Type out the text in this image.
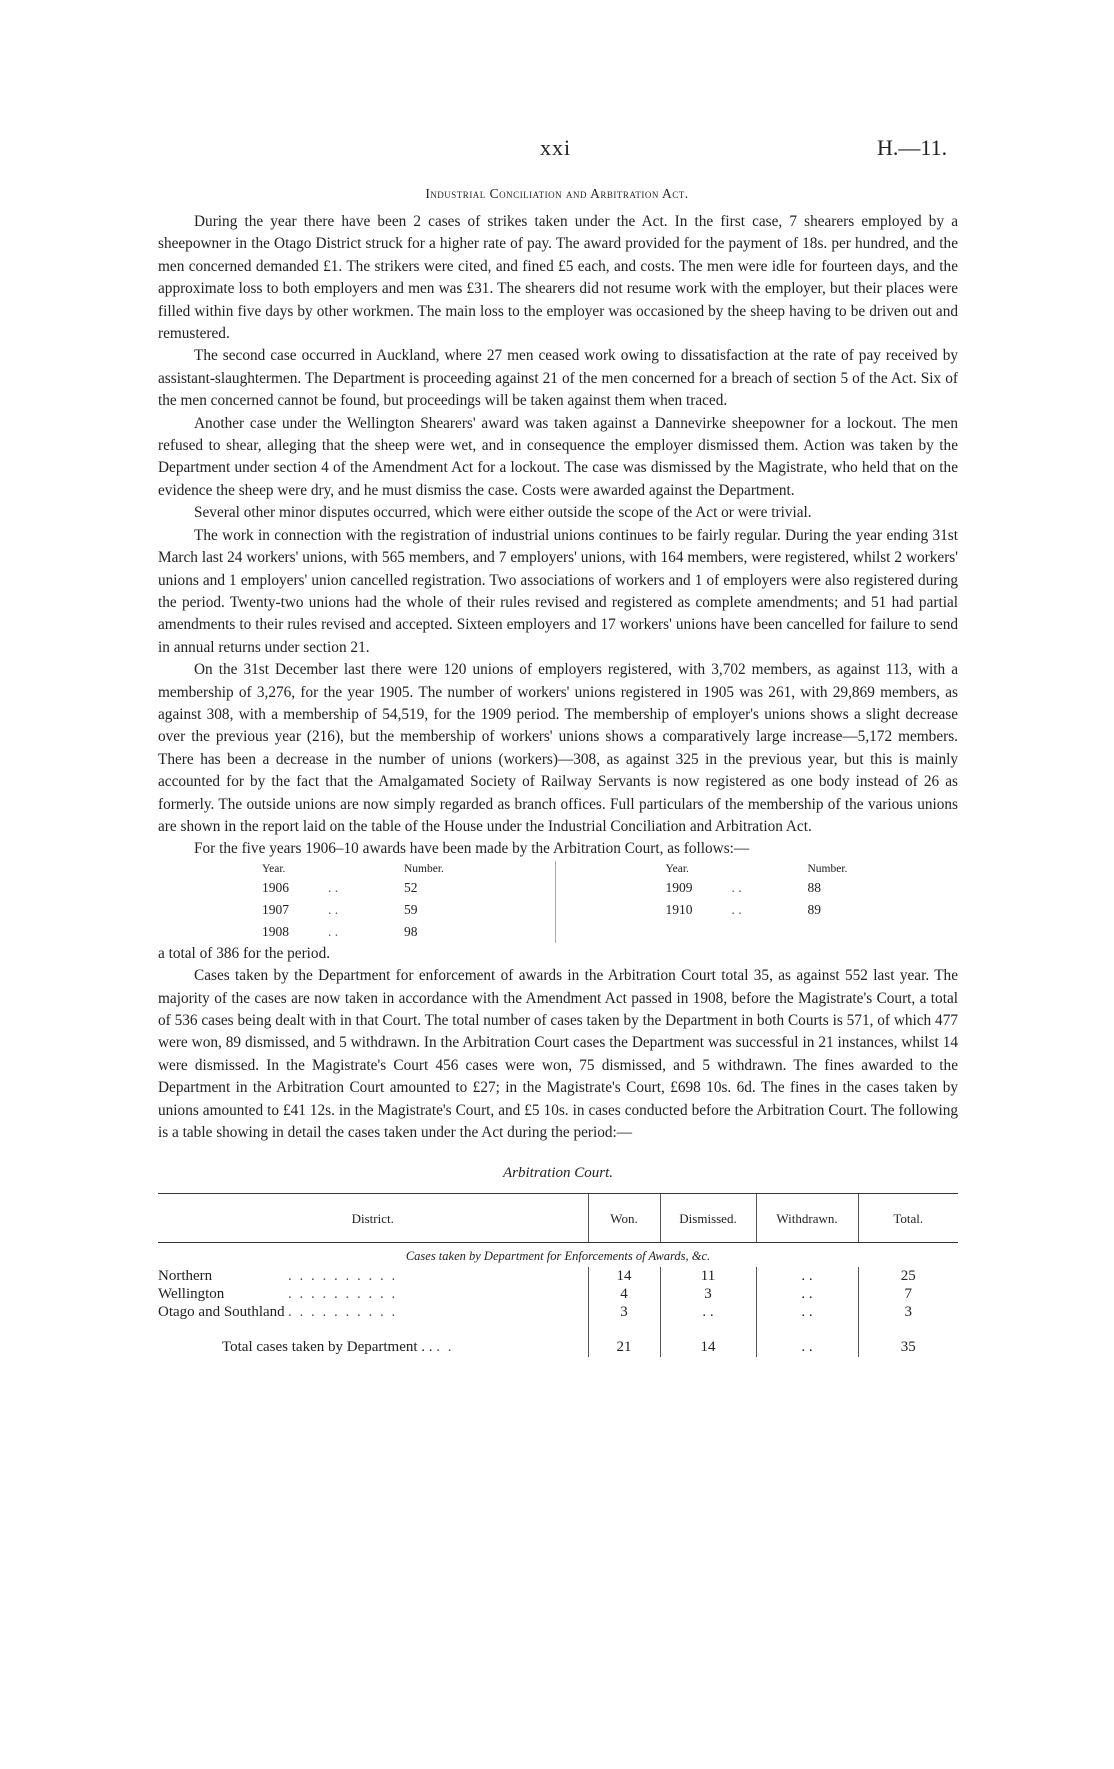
xxi	H.—11.
Industrial Conciliation and Arbitration Act.

During the year there have been 2 cases of strikes taken under the Act. In the first case, 7 shearers employed by a sheepowner in the Otago District struck for a higher rate of pay. The award provided for the payment of 18s. per hundred, and the men concerned demanded £1. The strikers were cited, and fined £5 each, and costs. The men were idle for fourteen days, and the approximate loss to both employers and men was £31. The shearers did not resume work with the employer, but their places were filled within five days by other workmen. The main loss to the employer was occasioned by the sheep having to be driven out and remustered.

The second case occurred in Auckland, where 27 men ceased work owing to dissatisfaction at the rate of pay received by assistant-slaughtermen. The Department is proceeding against 21 of the men concerned for a breach of section 5 of the Act. Six of the men concerned cannot be found, but proceedings will be taken against them when traced.

Another case under the Wellington Shearers' award was taken against a Dannevirke sheepowner for a lockout. The men refused to shear, alleging that the sheep were wet, and in consequence the employer dismissed them. Action was taken by the Department under section 4 of the Amendment Act for a lockout. The case was dismissed by the Magistrate, who held that on the evidence the sheep were dry, and he must dismiss the case. Costs were awarded against the Department.

Several other minor disputes occurred, which were either outside the scope of the Act or were trivial.

The work in connection with the registration of industrial unions continues to be fairly regular. During the year ending 31st March last 24 workers' unions, with 565 members, and 7 employers' unions, with 164 members, were registered, whilst 2 workers' unions and 1 employers' union cancelled registration. Two associations of workers and 1 of employers were also registered during the period. Twenty-two unions had the whole of their rules revised and registered as complete amendments; and 51 had partial amendments to their rules revised and accepted. Sixteen employers and 17 workers' unions have been cancelled for failure to send in annual returns under section 21.

On the 31st December last there were 120 unions of employers registered, with 3,702 members, as against 113, with a membership of 3,276, for the year 1905. The number of workers' unions registered in 1905 was 261, with 29,869 members, as against 308, with a membership of 54,519, for the 1909 period. The membership of employer's unions shows a slight decrease over the previous year (216), but the membership of workers' unions shows a comparatively large increase—5,172 members. There has been a decrease in the number of unions (workers)—308, as against 325 in the previous year, but this is mainly accounted for by the fact that the Amalgamated Society of Railway Servants is now registered as one body instead of 26 as formerly. The outside unions are now simply regarded as branch offices. Full particulars of the membership of the various unions are shown in the report laid on the table of the House under the Industrial Conciliation and Arbitration Act.

For the five years 1906–10 awards have been made by the Arbitration Court, as follows:—

Year.	Number.
1906	. .	52
1907	. .	59
1908	. .	98
Year.	Number.
1909	. .	88
1910	. .	89

a total of 386 for the period.

Cases taken by the Department for enforcement of awards in the Arbitration Court total 35, as against 552 last year. The majority of the cases are now taken in accordance with the Amendment Act passed in 1908, before the Magistrate's Court, a total of 536 cases being dealt with in that Court. The total number of cases taken by the Department in both Courts is 571, of which 477 were won, 89 dismissed, and 5 withdrawn. In the Arbitration Court cases the Department was successful in 21 instances, whilst 14 were dismissed. In the Magistrate's Court 456 cases were won, 75 dismissed, and 5 withdrawn. The fines awarded to the Department in the Arbitration Court amounted to £27; in the Magistrate's Court, £698 10s. 6d. The fines in the cases taken by unions amounted to £41 12s. in the Magistrate's Court, and £5 10s. in cases conducted before the Arbitration Court. The following is a table showing in detail the cases taken under the Act during the period:—

Arbitration Court.
District.	Won.	Dismissed.	Withdrawn.	Total.
Cases taken by Department for Enforcements of Awards, &c.				
Northern . . . . . . . . . .	14	11	. .	25
Wellington . . . . . . . . . .	4	3	. .	7
Otago and Southland . . . . . . . . . .	3	. .	. .	3
Total cases taken by Department . . . .	21	14	. .	35
